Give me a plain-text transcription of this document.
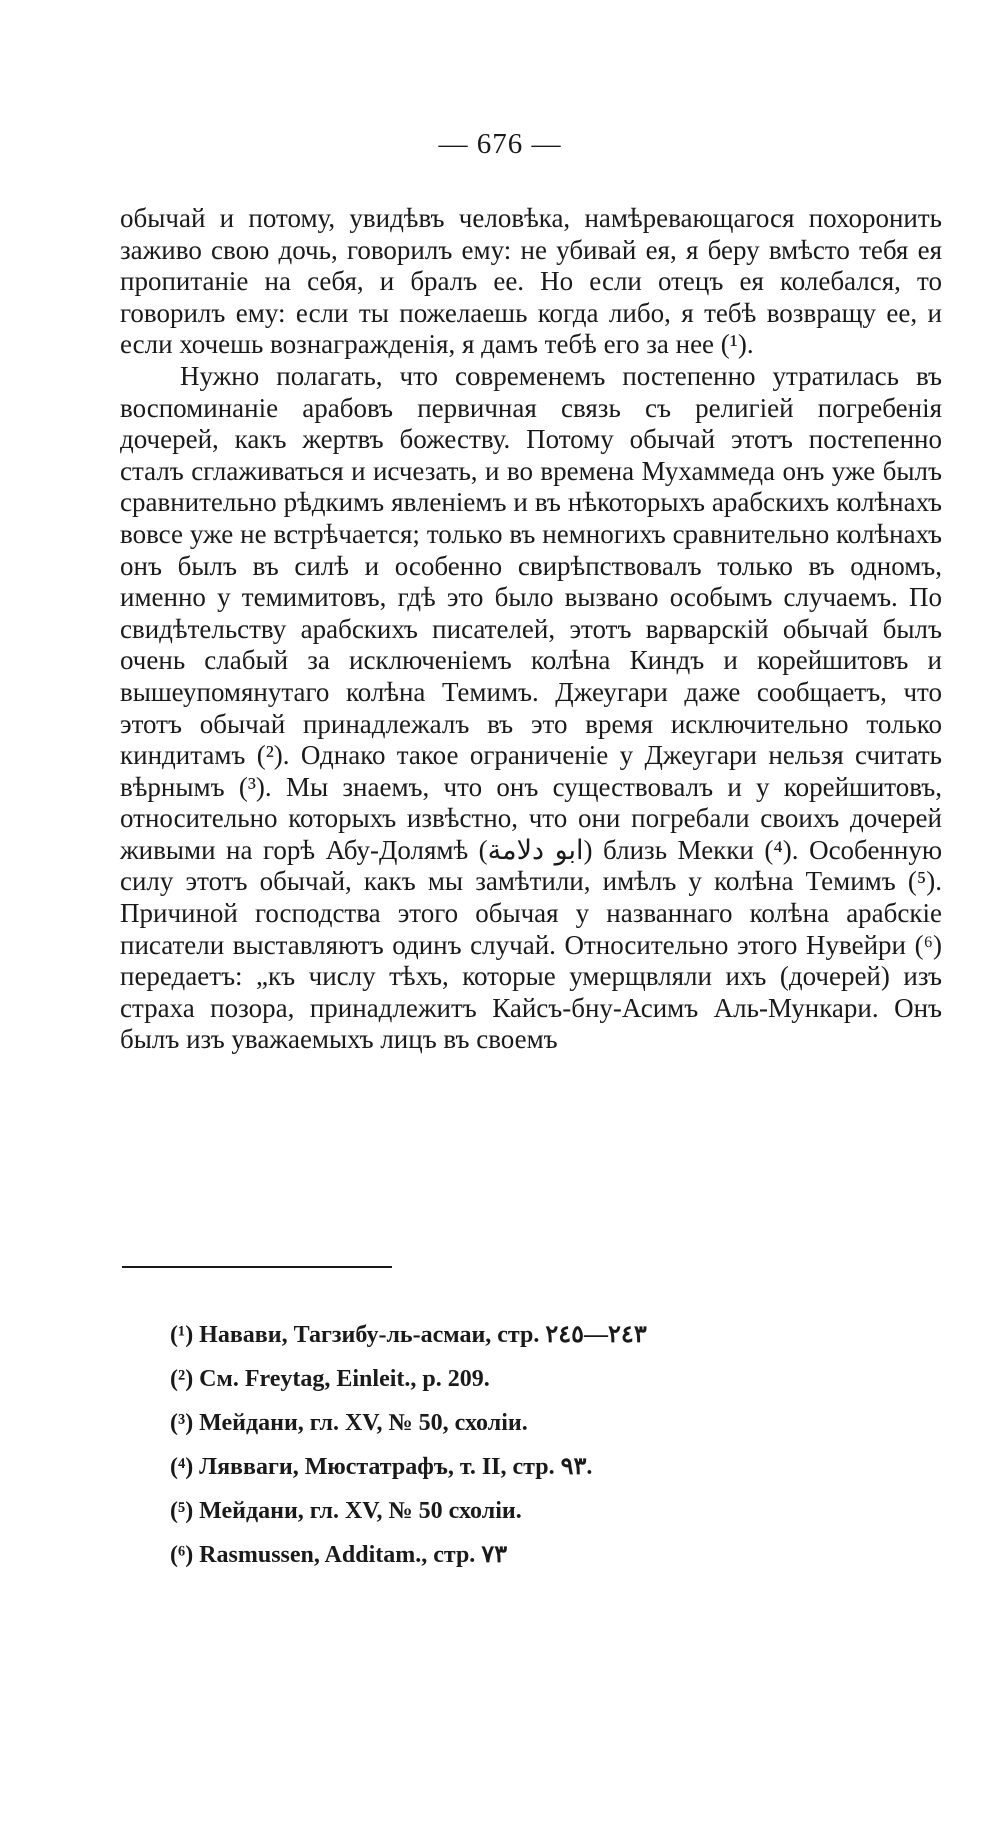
— 676 —

обычай и потому, увидѣвъ человѣка, намѣревающагося похоронить заживо свою дочь, говорилъ ему: не убивай ея, я беру вмѣсто тебя ея пропитаніе на себя, и бралъ ее. Но если отецъ ея колебался, то говорилъ ему: если ты пожелаешь когда либо, я тебѣ возвращу ее, и если хочешь вознагражденія, я дамъ тебѣ его за нее (¹).

Нужно полагать, что современемъ постепенно утратилась въ воспоминаніе арабовъ первичная связь съ религіей погребенія дочерей, какъ жертвъ божеству. Потому обычай этотъ постепенно сталъ сглаживаться и исчезать, и во времена Мухаммеда онъ уже былъ сравнительно рѣдкимъ явленіемъ и въ нѣкоторыхъ арабскихъ колѣнахъ вовсе уже не встрѣчается; только въ немногихъ сравнительно колѣнахъ онъ былъ въ силѣ и особенно свирѣпствовалъ только въ одномъ, именно у темимитовъ, гдѣ это было вызвано особымъ случаемъ. По свидѣтельству арабскихъ писателей, этотъ варварскій обычай былъ очень слабый за исключеніемъ колѣна Киндъ и корейшитовъ и вышеупомянутаго колѣна Темимъ. Джеугари даже сообщаетъ, что этотъ обычай принадлежалъ въ это время исключительно только киндитамъ (²). Однако такое ограниченіе у Джеугари нельзя считать вѣрнымъ (³). Мы знаемъ, что онъ существовалъ и у корейшитовъ, относительно которыхъ извѣстно, что они погребали своихъ дочерей живыми на горѣ Абу-Долямѣ (ابو دلامة) близь Мекки (⁴). Особенную силу этотъ обычай, какъ мы замѣтили, имѣлъ у колѣна Темимъ (⁵). Причиной господства этого обычая у названнаго колѣна арабскіе писатели выставляютъ одинъ случай. Относительно этого Нувейри (⁶) передаетъ: „къ числу тѣхъ, которые умерщвляли ихъ (дочерей) изъ страха позора, принадлежитъ Кайсъ-бну-Асимъ Аль-Мункари. Онъ былъ изъ уважаемыхъ лицъ въ своемъ

(¹) Навави, Тагзибу-ль-асмаи, стр. ٢٤٣—٢٤٥
(²) См. Freytag, Einleit., p. 209.
(³) Мейдани, гл. XV, № 50, схоліи.
(⁴) Лявваги, Мюстатрафъ, т. II, стр. ٩٣.
(⁵) Мейдани, гл. XV, № 50 схоліи.
(⁶) Rasmussen, Additam., стр. ٧٣
